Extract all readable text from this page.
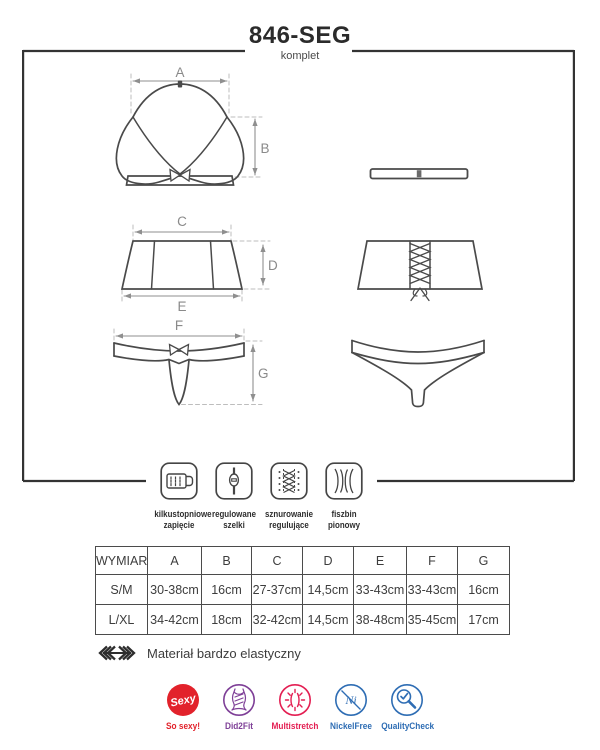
846-SEG
komplet
A
B
C
D
E
F
G
kilkustopniowe
zapięcie
regulowane
szelki
sznurowanie
regulujące
fiszbin
pionowy
WYMIAR	A	B	C	D	E	F	G
S/M	30-38cm	16cm	27-37cm	14,5cm	33-43cm	33-43cm	16cm
L/XL	34-42cm	18cm	32-42cm	14,5cm	38-48cm	35-45cm	17cm
Materiał bardzo elastyczny
Sexy
So sexy!	Did2Fit	Multistretch
Ni
NickelFree	QualityCheck
